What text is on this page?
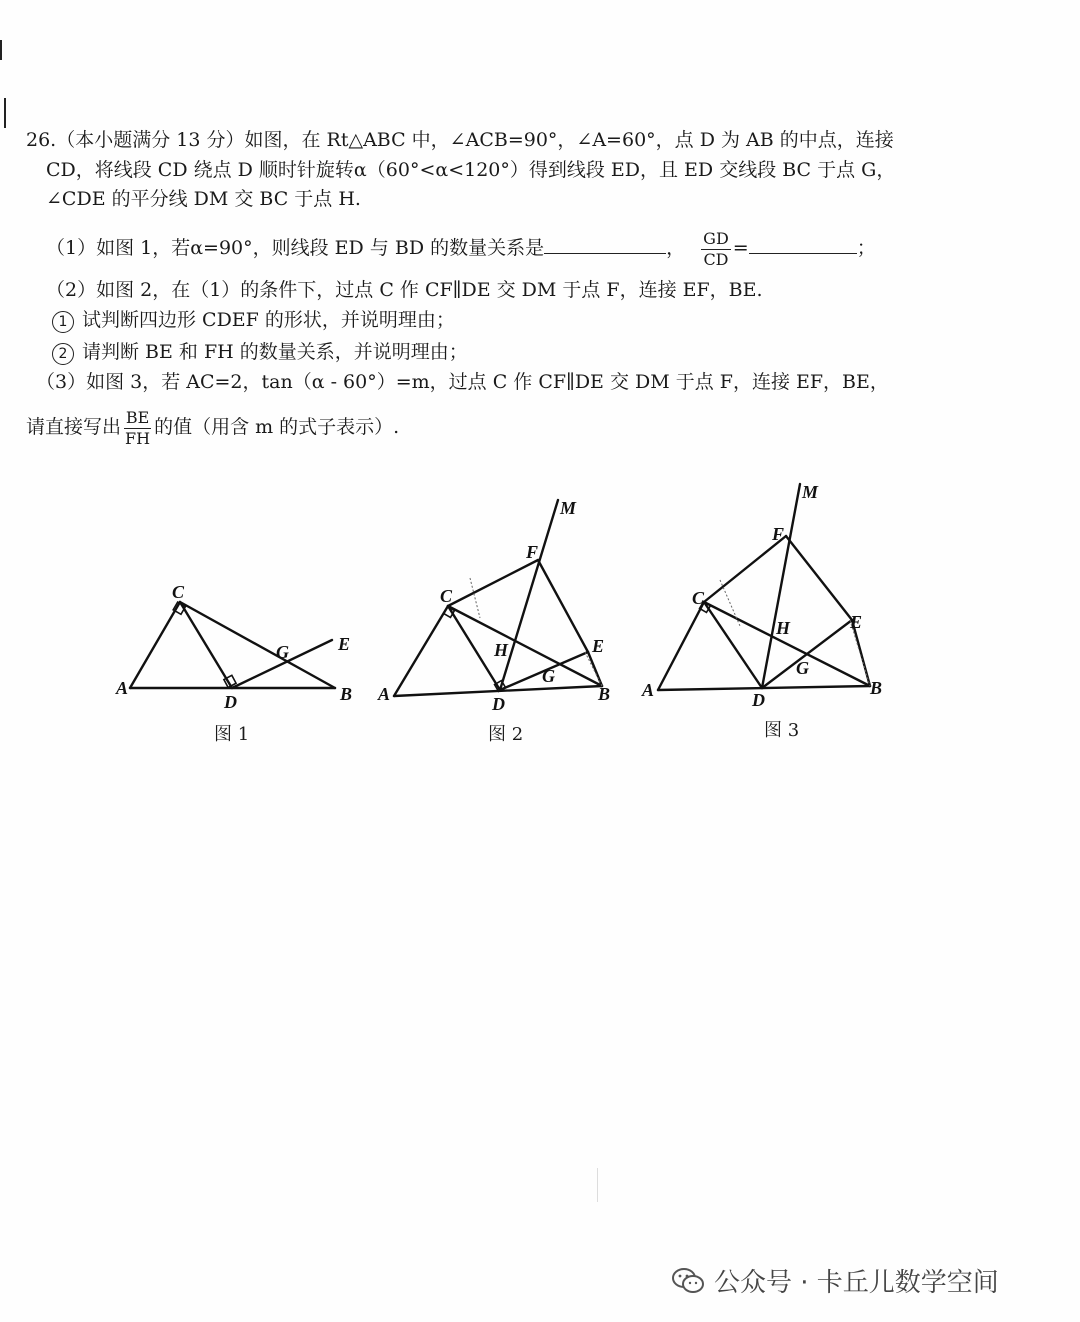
26.（本小题满分 13 分）如图，在 Rt△ABC 中，∠ACB=90°，∠A=60°，点 D 为 AB 的中点，连接
CD，将线段 CD 绕点 D 顺时针旋转α（60°<α<120°）得到线段 ED，且 ED 交线段 BC 于点 G，
∠CDE 的平分线 DM 交 BC 于点 H.
（1）如图 1，若α=90°，则线段 ED 与 BD 的数量关系是	， $\frac{GD}{CD}$ =	；
（2）如图 2，在（1）的条件下，过点 C 作 CF∥DE 交 DM 于点 F，连接 EF，BE.
1 试判断四边形 CDEF 的形状，并说明理由；
2 请判断 BE 和 FH 的数量关系，并说明理由；
（3）如图 3，若 AC=2，tan（α - 60°）=m，过点 C 作 CF∥DE 交 DM 于点 F，连接 EF，BE，
请直接写出 $\frac{BE}{FH}$ 的值（用含 m 的式子表示）.
A	B
C
D
E
G
图 1
A	B
C
D
E
F
G
H
M
图 2
A	B
C
D
E
F
G
H
M
图 3
公众号 · 卡丘儿数学空间
